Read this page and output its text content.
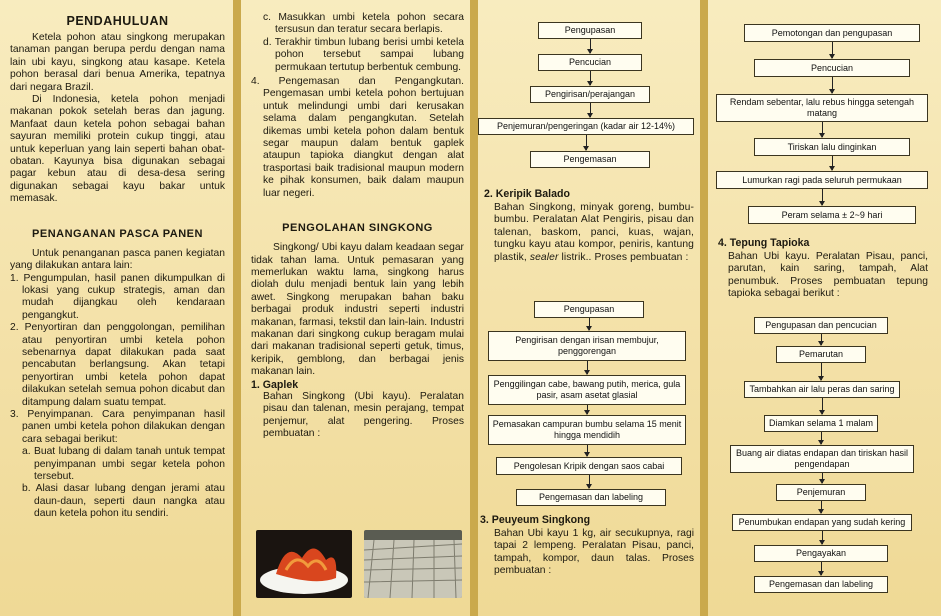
PENDAHULUAN

Ketela pohon atau singkong merupakan tanaman pangan berupa perdu dengan nama lain ubi kayu, singkong atau kasape. Ketela pohon berasal dari benua Amerika, tepatnya dari negara Brazil.

Di Indonesia, ketela pohon menjadi makanan pokok setelah beras dan jagung. Manfaat daun ketela pohon sebagai bahan sayuran memiliki protein cukup tinggi, atau untuk keperluan yang lain seperti bahan obat-obatan. Kayunya bisa digunakan sebagai pagar kebun atau di desa-desa sering digunakan sebagai kayu bakar untuk memasak.

PENANGANAN PASCA PANEN

Untuk penanganan pasca panen kegiatan yang dilakukan antara lain:

1. Pengumpulan, hasil panen dikumpulkan di lokasi yang cukup strategis, aman dan mudah dijangkau oleh kendaraan pengangkut.

2. Penyortiran dan penggolongan, pemilihan atau penyortiran umbi ketela pohon sebenarnya dapat dilakukan pada saat pencabutan berlangsung. Akan tetapi penyortiran umbi ketela pohon dapat dilakukan setelah semua pohon dicabut dan ditampung dalam suatu tempat.

3. Penyimpanan. Cara penyimpanan hasil panen umbi ketela pohon dilakukan dengan cara sebagai berikut:

a. Buat lubang di dalam tanah untuk tempat penyimpanan umbi segar ketela pohon tersebut.

b. Alasi dasar lubang dengan jerami atau daun-daun, seperti daun nangka atau daun ketela pohon itu sendiri.

c. Masukkan umbi ketela pohon secara tersusun dan teratur secara berlapis.

d. Terakhir timbun lubang berisi umbi ketela pohon tersebut sampai lubang permukaan tertutup berbentuk cembung.

4. Pengemasan dan Pengangkutan. Pengemasan umbi ketela pohon bertujuan untuk melindungi umbi dari kerusakan selama dalam pengangkutan. Setelah dikemas umbi ketela pohon dalam bentuk segar maupun dalam bentuk gaplek ataupun tapioka diangkut dengan alat trasportasi baik tradisional maupun modern ke pihak konsumen, baik dalam maupun luar negeri.

PENGOLAHAN SINGKONG

Singkong/ Ubi kayu dalam keadaan segar tidak tahan lama. Untuk pemasaran yang memerlukan waktu lama, singkong harus diolah dulu menjadi bentuk lain yang lebih awet. Singkong merupakan bahan baku berbagai produk industri seperti industri makanan, farmasi, tekstil dan lain-lain. Industri makanan dari singkong cukup beragam mulai dari makanan tradisional seperti getuk, timus, keripik, gemblong, dan berbagai jenis makanan lain.

1. Gaplek

Bahan Singkong (Ubi kayu). Peralatan pisau dan talenan, mesin perajang, tempat penjemur, alat pengering. Proses pembuatan :

Pengupasan
Pencucian
Pengirisan/perajangan
Penjemuran/pengeringan (kadar air 12-14%)
Pengemasan

2. Keripik Balado

Bahan Singkong, minyak goreng, bumbu-bumbu. Peralatan Alat Pengiris, pisau dan talenan, baskom, panci, kuas, wajan, tungku kayu atau kompor, peniris, kantung plastik, sealer listrik.. Proses pembuatan :

Pengupasan
Pengirisan dengan irisan membujur, penggorengan
Penggilingan cabe, bawang putih, merica, gula pasir, asam asetat glasial
Pemasakan campuran bumbu selama 15 menit hingga mendidih
Pengolesan Kripik dengan saos cabai
Pengemasan dan labeling

3. Peuyeum Singkong

Bahan Ubi kayu 1 kg, air secukupnya, ragi tapai 2 lempeng. Peralatan Pisau, panci, tampah, kompor, daun talas. Proses pembuatan :

Pemotongan dan pengupasan
Pencucian
Rendam sebentar, lalu rebus hingga setengah matang
Tiriskan lalu dinginkan
Lumurkan ragi pada seluruh permukaan
Peram selama ± 2~9 hari

4. Tepung Tapioka

Bahan Ubi kayu. Peralatan Pisau, panci, parutan, kain saring, tampah, Alat penumbuk. Proses pembuatan tepung tapioka sebagai berikut :

Pengupasan dan pencucian
Pemarutan
Tambahkan air lalu peras dan saring
Diamkan selama 1 malam
Buang air diatas endapan dan tiriskan hasil pengendapan
Penjemuran
Penumbukan endapan yang sudah kering
Pengayakan
Pengemasan dan labeling
